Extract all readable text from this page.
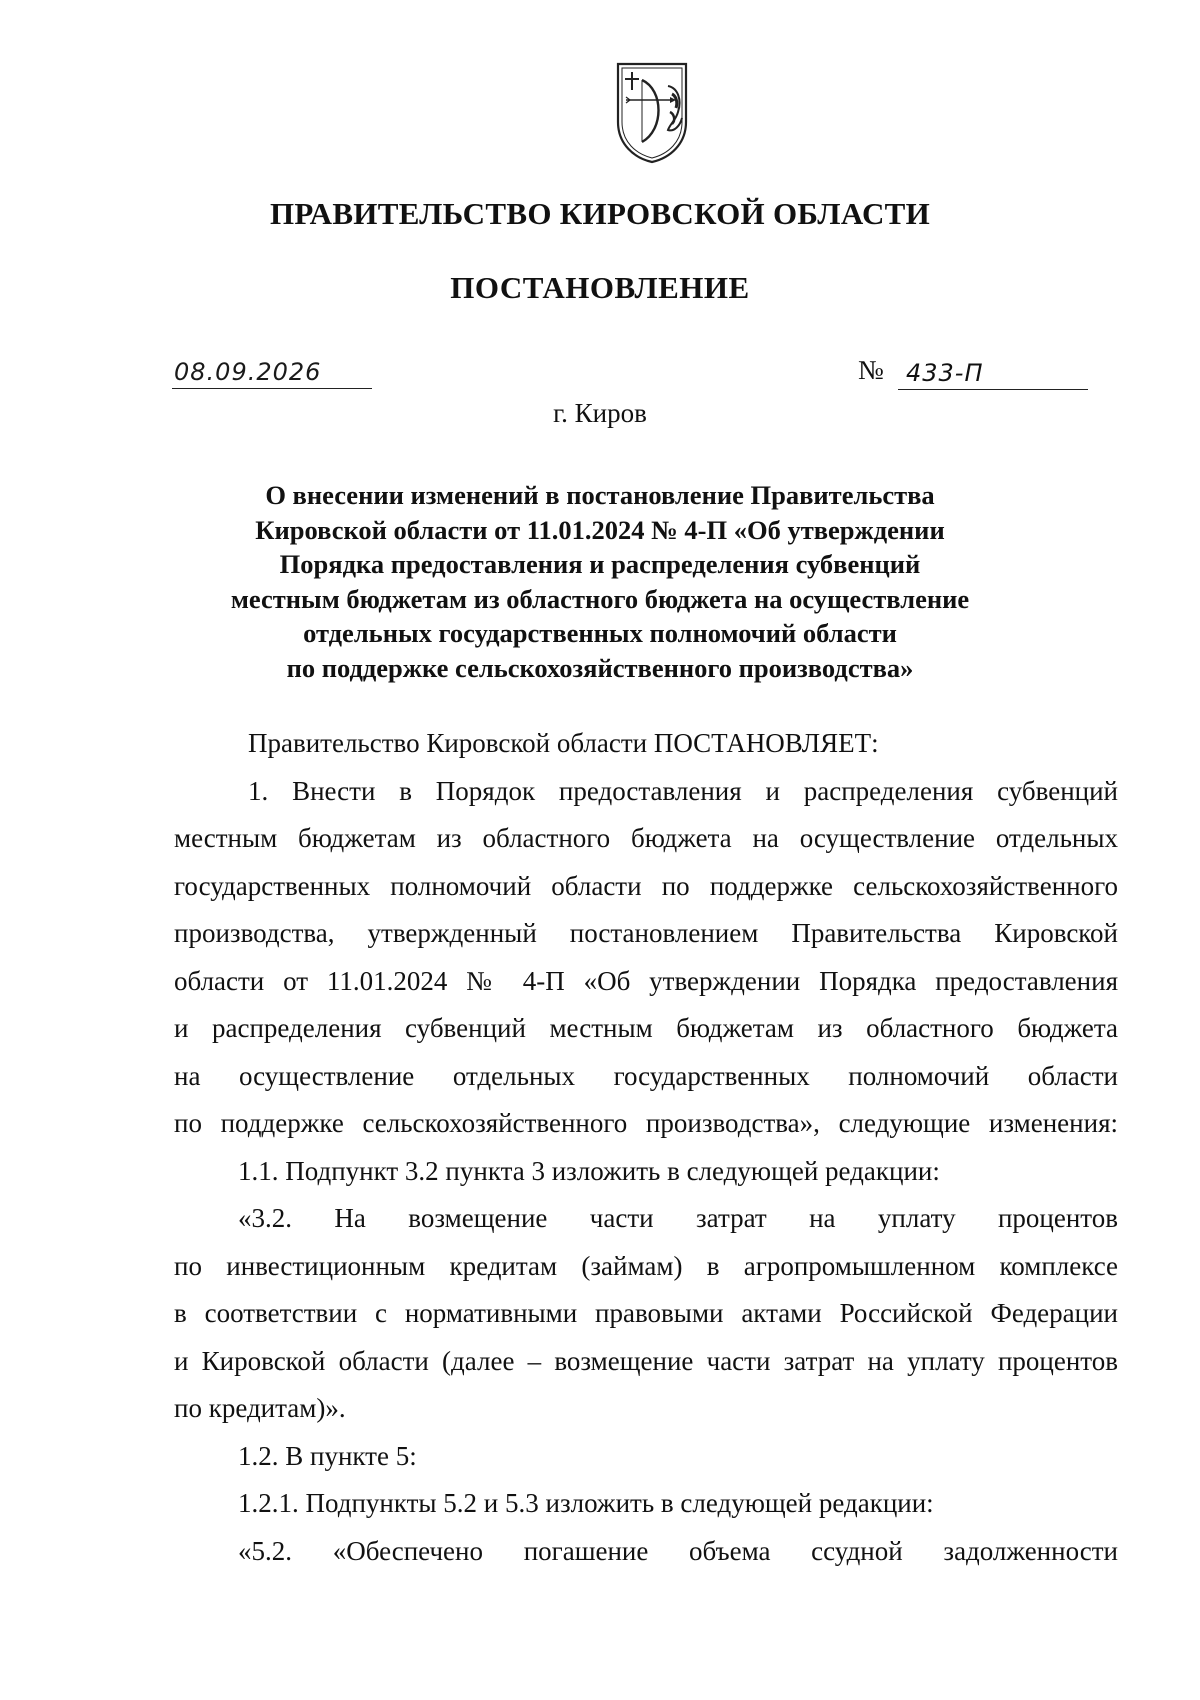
ПРАВИТЕЛЬСТВО КИРОВСКОЙ ОБЛАСТИ
ПОСТАНОВЛЕНИЕ
08.09.2026	№ 433-П
г. Киров
О внесении изменений в постановление Правительства
Кировской области от 11.01.2024 № 4-П «Об утверждении
Порядка предоставления и распределения субвенций
местным бюджетам из областного бюджета на осуществление
отдельных государственных полномочий области
по поддержке сельскохозяйственного производства»
Правительство Кировской области ПОСТАНОВЛЯЕТ:
1. Внести в Порядок предоставления и распределения субвенций
местным бюджетам из областного бюджета на осуществление отдельных
государственных полномочий области по поддержке сельскохозяйственного
производства, утвержденный постановлением Правительства Кировской
области от 11.01.2024 № 4-П «Об утверждении Порядка предоставления
и распределения субвенций местным бюджетам из областного бюджета
на осуществление отдельных государственных полномочий области
по поддержке сельскохозяйственного производства», следующие изменения:
1.1. Подпункт 3.2 пункта 3 изложить в следующей редакции:
«3.2. На возмещение части затрат на уплату процентов
по инвестиционным кредитам (займам) в агропромышленном комплексе
в соответствии с нормативными правовыми актами Российской Федерации
и Кировской области (далее – возмещение части затрат на уплату процентов
по кредитам)».
1.2. В пункте 5:
1.2.1. Подпункты 5.2 и 5.3 изложить в следующей редакции:
«5.2. «Обеспечено погашение объема ссудной задолженности
